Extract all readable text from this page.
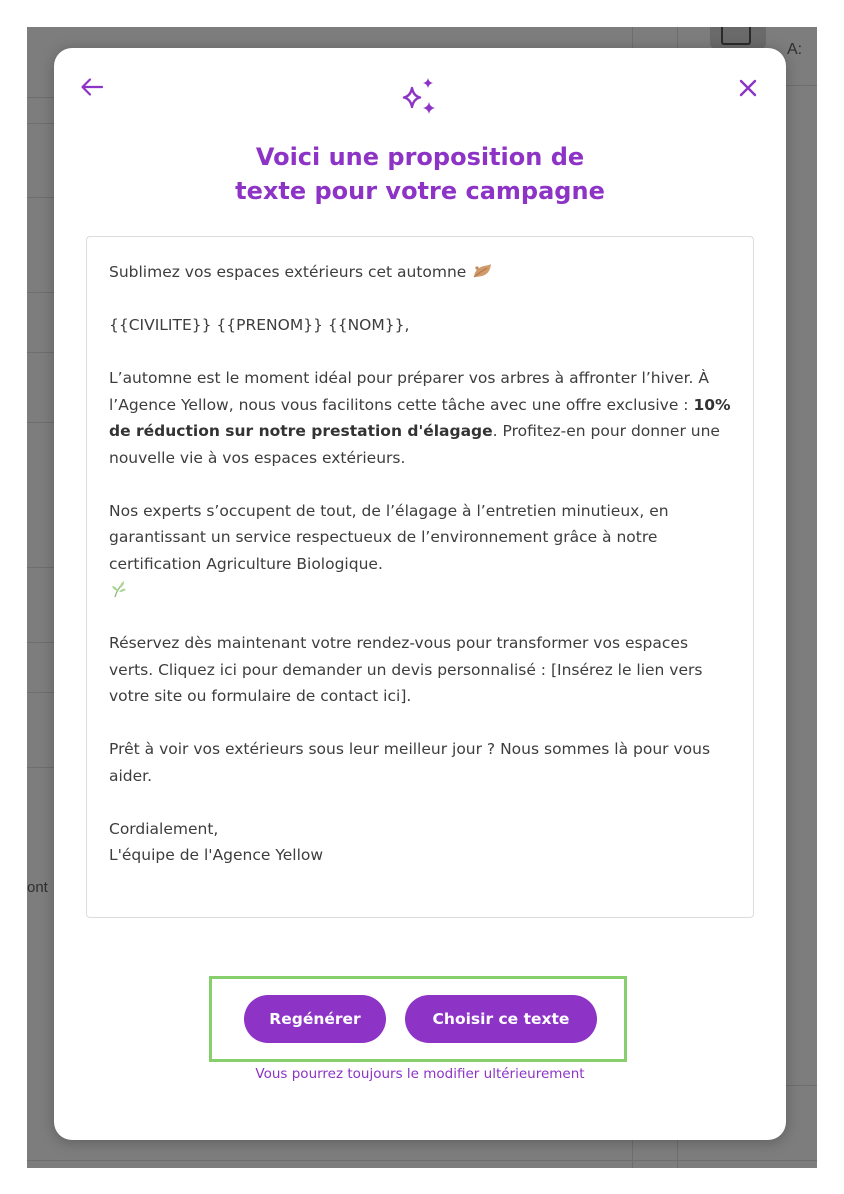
A:
ont
Voici une proposition de
texte pour votre campagne

Sublimez vos espaces extérieurs cet automne

{{CIVILITE}} {{PRENOM}} {{NOM}},

L’automne est le moment idéal pour préparer vos arbres à affronter l’hiver. À l’Agence Yellow, nous vous facilitons cette tâche avec une offre exclusive : 10% de réduction sur notre prestation d'élagage. Profitez-en pour donner une nouvelle vie à vos espaces extérieurs.

Nos experts s’occupent de tout, de l’élagage à l’entretien minutieux, en garantissant un service respectueux de l’environnement grâce à notre certification Agriculture Biologique.

Réservez dès maintenant votre rendez-vous pour transformer vos espaces verts. Cliquez ici pour demander un devis personnalisé : [Insérez le lien vers votre site ou formulaire de contact ici].

Prêt à voir vos extérieurs sous leur meilleur jour ? Nous sommes là pour vous aider.

Cordialement,

L'équipe de l'Agence Yellow

Regénérer	Choisir ce texte
Vous pourrez toujours le modifier ultérieurement
